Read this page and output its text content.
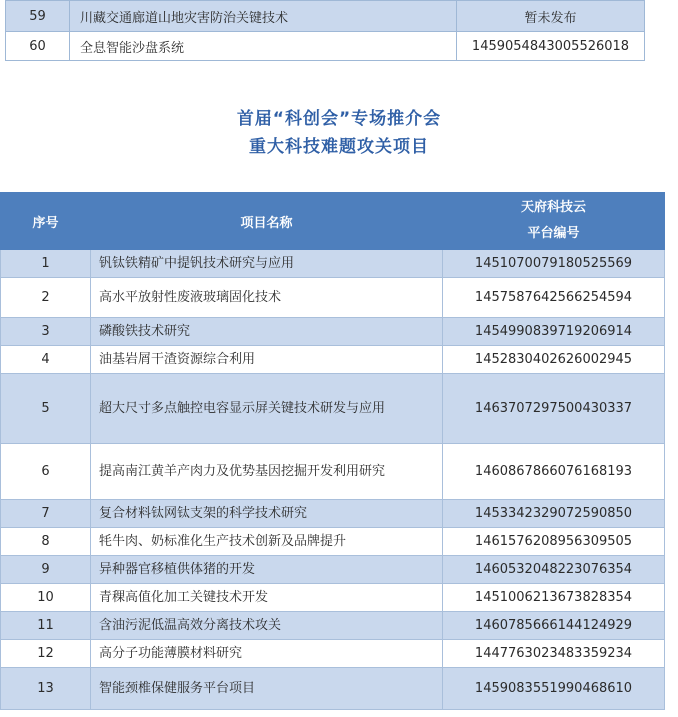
59	川藏交通廊道山地灾害防治关键技术	暂未发布
60	全息智能沙盘系统	1459054843005526018
首届“科创会”专场推介会
重大科技难题攻关项目
序号	项目名称	天府科技云
平台编号

1	钒钛铁精矿中提钒技术研究与应用	1451070079180525569
2	高水平放射性废液玻璃固化技术	1457587642566254594
3	磷酸铁技术研究	1454990839719206914
4	油基岩屑干渣资源综合利用	1452830402626002945
5	超大尺寸多点触控电容显示屏关键技术研发与应用	1463707297500430337
6	提高南江黄羊产肉力及优势基因挖掘开发利用研究	1460867866076168193
7	复合材料钛网钛支架的科学技术研究	1453342329072590850
8	牦牛肉、奶标准化生产技术创新及品牌提升	1461576208956309505
9	异种器官移植供体猪的开发	1460532048223076354
10	青稞高值化加工关键技术开发	1451006213673828354
11	含油污泥低温高效分离技术攻关	1460785666144124929
12	高分子功能薄膜材料研究	1447763023483359234
13	智能颈椎保健服务平台项目	1459083551990468610
